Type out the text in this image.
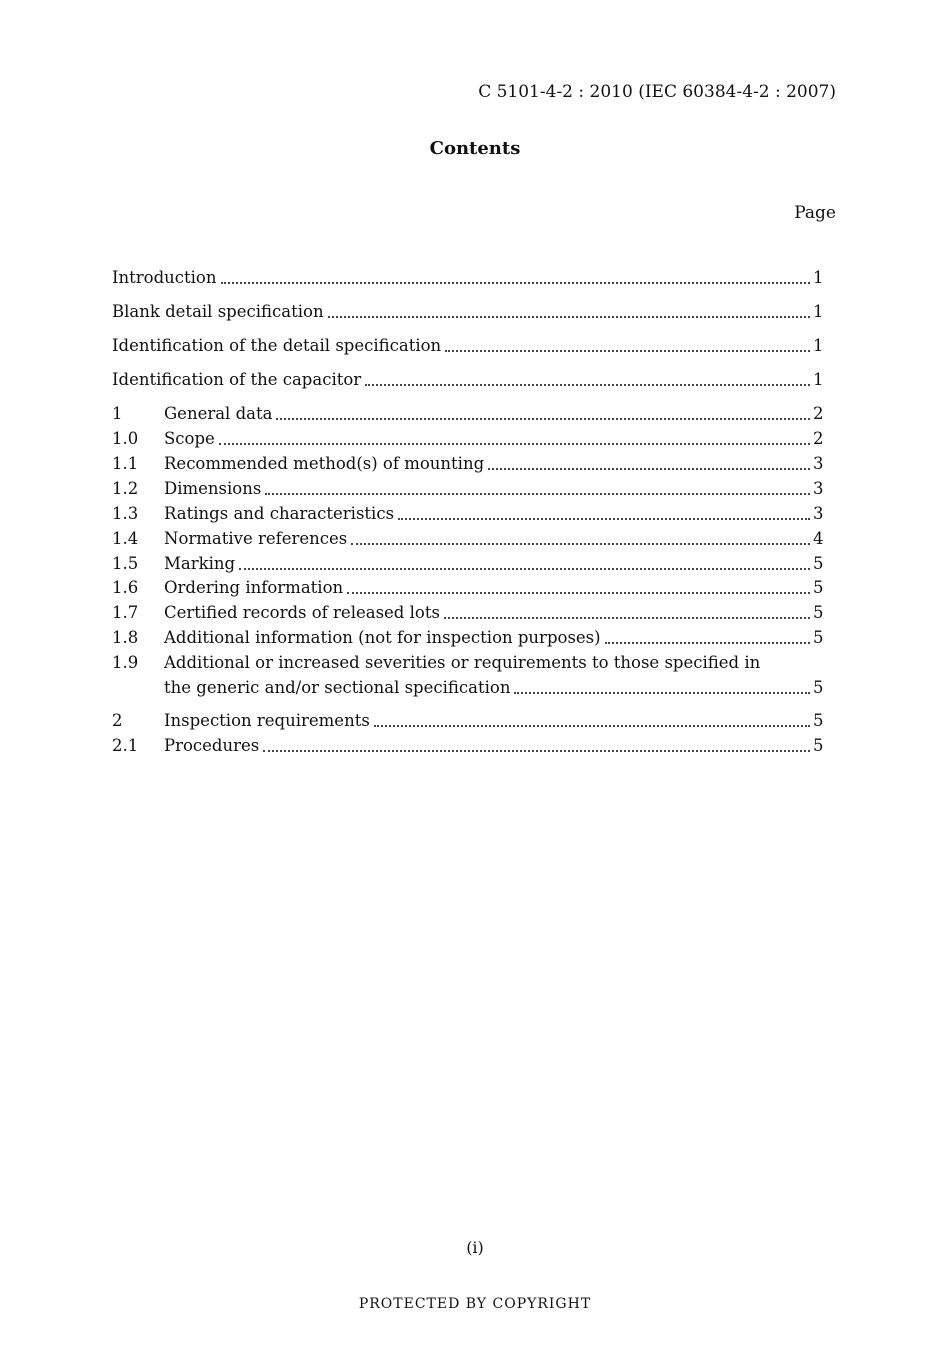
C 5101-4-2 : 2010 (IEC 60384-4-2 : 2007)
Contents
Page
Introduction	1
Blank detail specification	1
Identification of the detail specification	1
Identification of the capacitor	1
1	General data	2
1.0	Scope	2
1.1	Recommended method(s) of mounting	3
1.2	Dimensions	3
1.3	Ratings and characteristics	3
1.4	Normative references	4
1.5	Marking	5
1.6	Ordering information	5
1.7	Certified records of released lots	5
1.8	Additional information (not for inspection purposes)	5
1.9	Additional or increased severities or requirements to those specified in
the generic and/or sectional specification	5
2	Inspection requirements	5
2.1	Procedures	5
(i)
PROTECTED BY COPYRIGHT
